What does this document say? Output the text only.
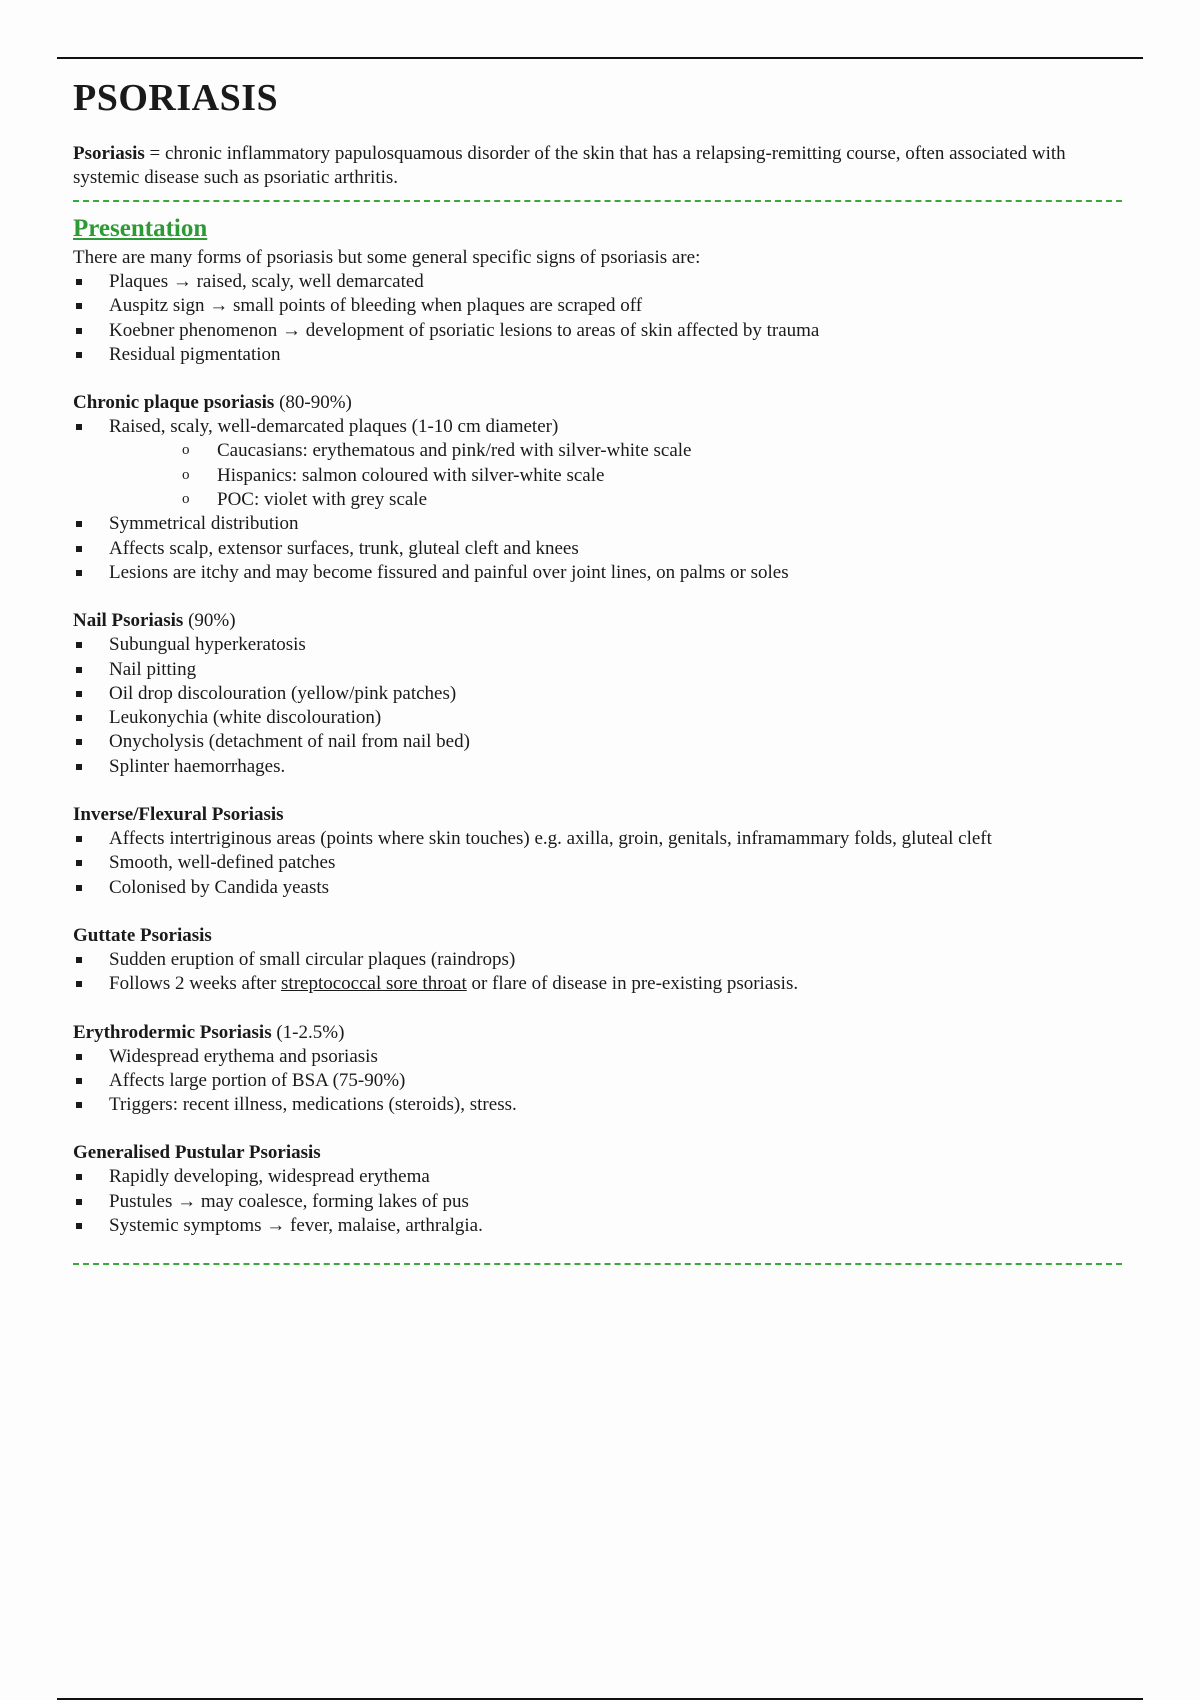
PSORIASIS

Psoriasis = chronic inflammatory papulosquamous disorder of the skin that has a relapsing-remitting course, often associated with systemic disease such as psoriatic arthritis.

Presentation

There are many forms of psoriasis but some general specific signs of psoriasis are:

Plaques → raised, scaly, well demarcated
Auspitz sign → small points of bleeding when plaques are scraped off
Koebner phenomenon → development of psoriatic lesions to areas of skin affected by trauma
Residual pigmentation
Chronic plaque psoriasis (80-90%)
Raised, scaly, well-demarcated plaques (1-10 cm diameter)
o Caucasians: erythematous and pink/red with silver-white scale
o Hispanics: salmon coloured with silver-white scale
o POC: violet with grey scale
Symmetrical distribution
Affects scalp, extensor surfaces, trunk, gluteal cleft and knees
Lesions are itchy and may become fissured and painful over joint lines, on palms or soles
Nail Psoriasis (90%)
Subungual hyperkeratosis
Nail pitting
Oil drop discolouration (yellow/pink patches)
Leukonychia (white discolouration)
Onycholysis (detachment of nail from nail bed)
Splinter haemorrhages.
Inverse/Flexural Psoriasis
Affects intertriginous areas (points where skin touches) e.g. axilla, groin, genitals, inframammary folds, gluteal cleft
Smooth, well-defined patches
Colonised by Candida yeasts
Guttate Psoriasis
Sudden eruption of small circular plaques (raindrops)
Follows 2 weeks after streptococcal sore throat or flare of disease in pre-existing psoriasis.
Erythrodermic Psoriasis (1-2.5%)
Widespread erythema and psoriasis
Affects large portion of BSA (75-90%)
Triggers: recent illness, medications (steroids), stress.
Generalised Pustular Psoriasis
Rapidly developing, widespread erythema
Pustules → may coalesce, forming lakes of pus
Systemic symptoms → fever, malaise, arthralgia.
